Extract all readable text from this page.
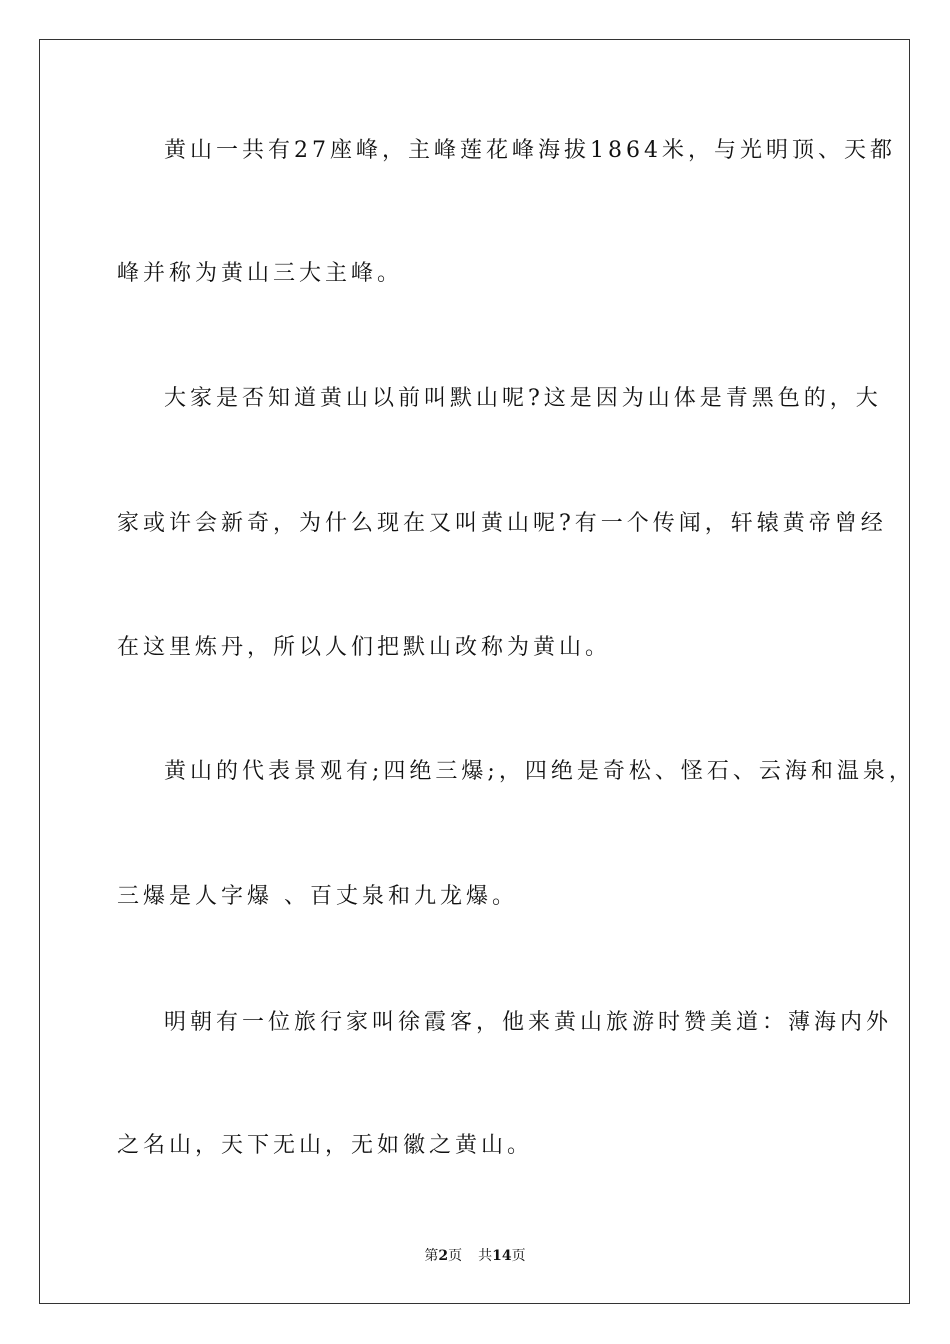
黄山一共有27座峰，主峰莲花峰海拔1864米，与光明顶、天都
峰并称为黄山三大主峰。
大家是否知道黄山以前叫默山呢?这是因为山体是青黑色的，大
家或许会新奇，为什么现在又叫黄山呢?有一个传闻，轩辕黄帝曾经
在这里炼丹，所以人们把默山改称为黄山。
黄山的代表景观有;四绝三爆;，四绝是奇松、怪石、云海和温泉，
三爆是人字爆 、百丈泉和九龙爆。
明朝有一位旅行家叫徐霞客，他来黄山旅游时赞美道：薄海内外
之名山，天下无山，无如徽之黄山。
第2页 共14页
